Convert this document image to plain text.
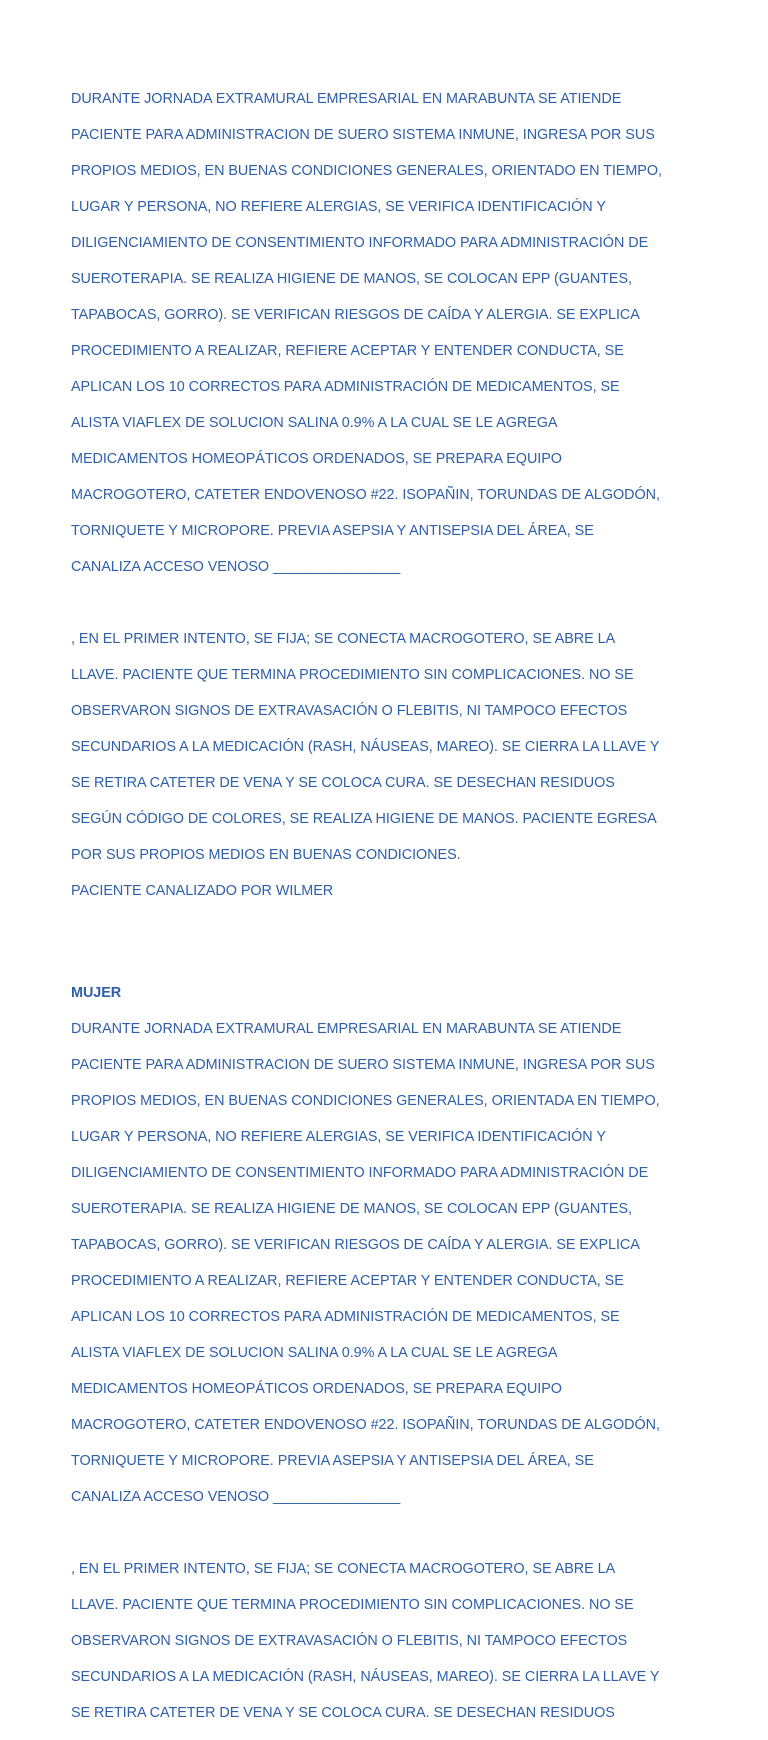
DURANTE JORNADA EXTRAMURAL EMPRESARIAL EN MARABUNTA SE ATIENDE

PACIENTE PARA ADMINISTRACION DE SUERO SISTEMA INMUNE, INGRESA POR SUS

PROPIOS MEDIOS, EN BUENAS CONDICIONES GENERALES, ORIENTADO EN TIEMPO,

LUGAR Y PERSONA, NO REFIERE ALERGIAS, SE VERIFICA IDENTIFICACIÓN Y

DILIGENCIAMIENTO DE CONSENTIMIENTO INFORMADO PARA ADMINISTRACIÓN DE

SUEROTERAPIA. SE REALIZA HIGIENE DE MANOS, SE COLOCAN EPP (GUANTES,

TAPABOCAS, GORRO). SE VERIFICAN RIESGOS DE CAÍDA Y ALERGIA. SE EXPLICA

PROCEDIMIENTO A REALIZAR, REFIERE ACEPTAR Y ENTENDER CONDUCTA, SE

APLICAN LOS 10 CORRECTOS PARA ADMINISTRACIÓN DE MEDICAMENTOS, SE

ALISTA VIAFLEX DE SOLUCION SALINA 0.9% A LA CUAL SE LE AGREGA

MEDICAMENTOS HOMEOPÁTICOS ORDENADOS, SE PREPARA EQUIPO

MACROGOTERO, CATETER ENDOVENOSO #22. ISOPAÑIN, TORUNDAS DE ALGODÓN,

TORNIQUETE Y MICROPORE. PREVIA ASEPSIA Y ANTISEPSIA DEL ÁREA, SE

CANALIZA ACCESO VENOSO ________________

, EN EL PRIMER INTENTO, SE FIJA; SE CONECTA MACROGOTERO, SE ABRE LA

LLAVE. PACIENTE QUE TERMINA PROCEDIMIENTO SIN COMPLICACIONES. NO SE

OBSERVARON SIGNOS DE EXTRAVASACIÓN O FLEBITIS, NI TAMPOCO EFECTOS

SECUNDARIOS A LA MEDICACIÓN (RASH, NÁUSEAS, MAREO). SE CIERRA LA LLAVE Y

SE RETIRA CATETER DE VENA Y SE COLOCA CURA. SE DESECHAN RESIDUOS

SEGÚN CÓDIGO DE COLORES, SE REALIZA HIGIENE DE MANOS. PACIENTE EGRESA

POR SUS PROPIOS MEDIOS EN BUENAS CONDICIONES.

PACIENTE CANALIZADO POR WILMER

MUJER

DURANTE JORNADA EXTRAMURAL EMPRESARIAL EN MARABUNTA SE ATIENDE

PACIENTE PARA ADMINISTRACION DE SUERO SISTEMA INMUNE, INGRESA POR SUS

PROPIOS MEDIOS, EN BUENAS CONDICIONES GENERALES, ORIENTADA EN TIEMPO,

LUGAR Y PERSONA, NO REFIERE ALERGIAS, SE VERIFICA IDENTIFICACIÓN Y

DILIGENCIAMIENTO DE CONSENTIMIENTO INFORMADO PARA ADMINISTRACIÓN DE

SUEROTERAPIA. SE REALIZA HIGIENE DE MANOS, SE COLOCAN EPP (GUANTES,

TAPABOCAS, GORRO). SE VERIFICAN RIESGOS DE CAÍDA Y ALERGIA. SE EXPLICA

PROCEDIMIENTO A REALIZAR, REFIERE ACEPTAR Y ENTENDER CONDUCTA, SE

APLICAN LOS 10 CORRECTOS PARA ADMINISTRACIÓN DE MEDICAMENTOS, SE

ALISTA VIAFLEX DE SOLUCION SALINA 0.9% A LA CUAL SE LE AGREGA

MEDICAMENTOS HOMEOPÁTICOS ORDENADOS, SE PREPARA EQUIPO

MACROGOTERO, CATETER ENDOVENOSO #22. ISOPAÑIN, TORUNDAS DE ALGODÓN,

TORNIQUETE Y MICROPORE. PREVIA ASEPSIA Y ANTISEPSIA DEL ÁREA, SE

CANALIZA ACCESO VENOSO ________________

, EN EL PRIMER INTENTO, SE FIJA; SE CONECTA MACROGOTERO, SE ABRE LA

LLAVE. PACIENTE QUE TERMINA PROCEDIMIENTO SIN COMPLICACIONES. NO SE

OBSERVARON SIGNOS DE EXTRAVASACIÓN O FLEBITIS, NI TAMPOCO EFECTOS

SECUNDARIOS A LA MEDICACIÓN (RASH, NÁUSEAS, MAREO). SE CIERRA LA LLAVE Y

SE RETIRA CATETER DE VENA Y SE COLOCA CURA. SE DESECHAN RESIDUOS
